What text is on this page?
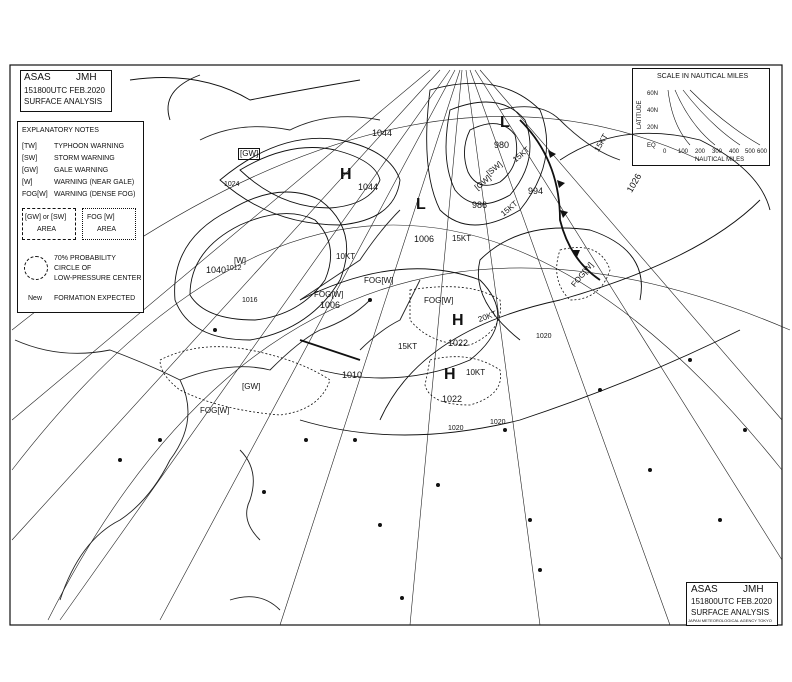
ASAS	JMH
151800UTC FEB.2020
SURFACE ANALYSIS
EXPLANATORY NOTES
[TW] TYPHOON WARNING
[SW] STORM WARNING
[GW] GALE WARNING
[W]	WARNING (NEAR GALE)
FOG[W] WARNING (DENSE FOG)
[GW] or [SW]
AREA
FOG [W]
AREA
70% PROBABILITY
CIRCLE OF
LOW-PRESSURE CENTER
New FORMATION EXPECTED
SCALE IN NAUTICAL MILES
LATITUDE
60N
40N
20N
EQ
0 100 200 300 400 500 600
NAUTICAL MILES
ASAS	JMH
151800UTC FEB.2020
SURFACE ANALYSIS
JAPAN METEOROLOGICAL AGENCY TOKYO
H
1044
1044
1040
L
980
986
994
L
1006
1006
1010
H
1022
H
1022
1026
10KT
15KT
15KT
15KT
20KT
15KT
10KT
15KT
[GW]
[GW]
[SW]
FOG[W]
FOG[W]
FOG[W]
FOG[W]
FOG[W]
[GW]
[W]
1020
1020
1020
1024
1012
1016
